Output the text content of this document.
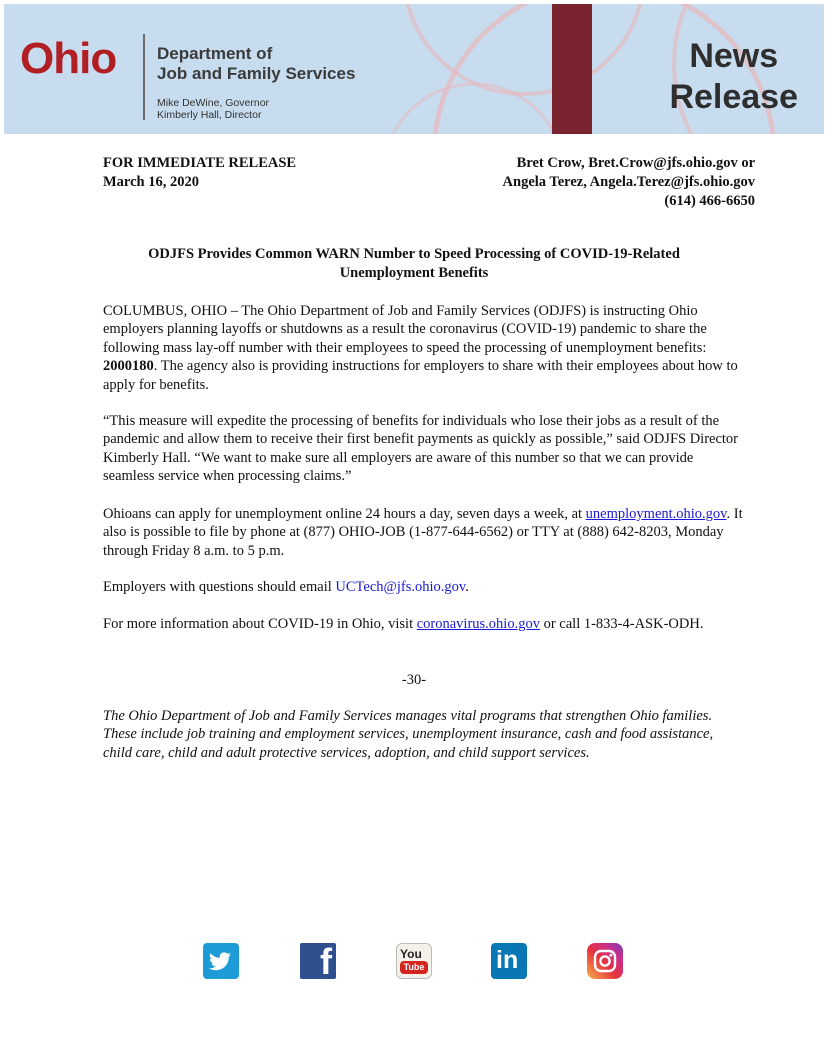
Ohio Department of
Job and Family Services
Mike DeWine, Governor
Kimberly Hall, Director
News
Release
FOR IMMEDIATE RELEASE
March 16, 2020
Bret Crow, Bret.Crow@jfs.ohio.gov or
Angela Terez, Angela.Terez@jfs.ohio.gov
(614) 466-6650
ODJFS Provides Common WARN Number to Speed Processing of COVID-19-Related
Unemployment Benefits
COLUMBUS, OHIO – The Ohio Department of Job and Family Services (ODJFS) is instructing Ohio employers planning layoffs or shutdowns as a result the coronavirus (COVID-19) pandemic to share the following mass lay-off number with their employees to speed the processing of unemployment benefits: 2000180. The agency also is providing instructions for employers to share with their employees about how to apply for benefits.
“This measure will expedite the processing of benefits for individuals who lose their jobs as a result of the pandemic and allow them to receive their first benefit payments as quickly as possible,” said ODJFS Director Kimberly Hall. “We want to make sure all employers are aware of this number so that we can provide seamless service when processing claims.”
Ohioans can apply for unemployment online 24 hours a day, seven days a week, at unemployment.ohio.gov. It also is possible to file by phone at (877) OHIO-JOB (1-877-644-6562) or TTY at (888) 642-8203, Monday through Friday 8 a.m. to 5 p.m.
Employers with questions should email UCTech@jfs.ohio.gov.
For more information about COVID-19 in Ohio, visit coronavirus.ohio.gov or call 1-833-4-ASK-ODH.
-30-
The Ohio Department of Job and Family Services manages vital programs that strengthen Ohio families. These include job training and employment services, unemployment insurance, cash and food assistance, child care, child and adult protective services, adoption, and child support services.
f	You
Tube	in
